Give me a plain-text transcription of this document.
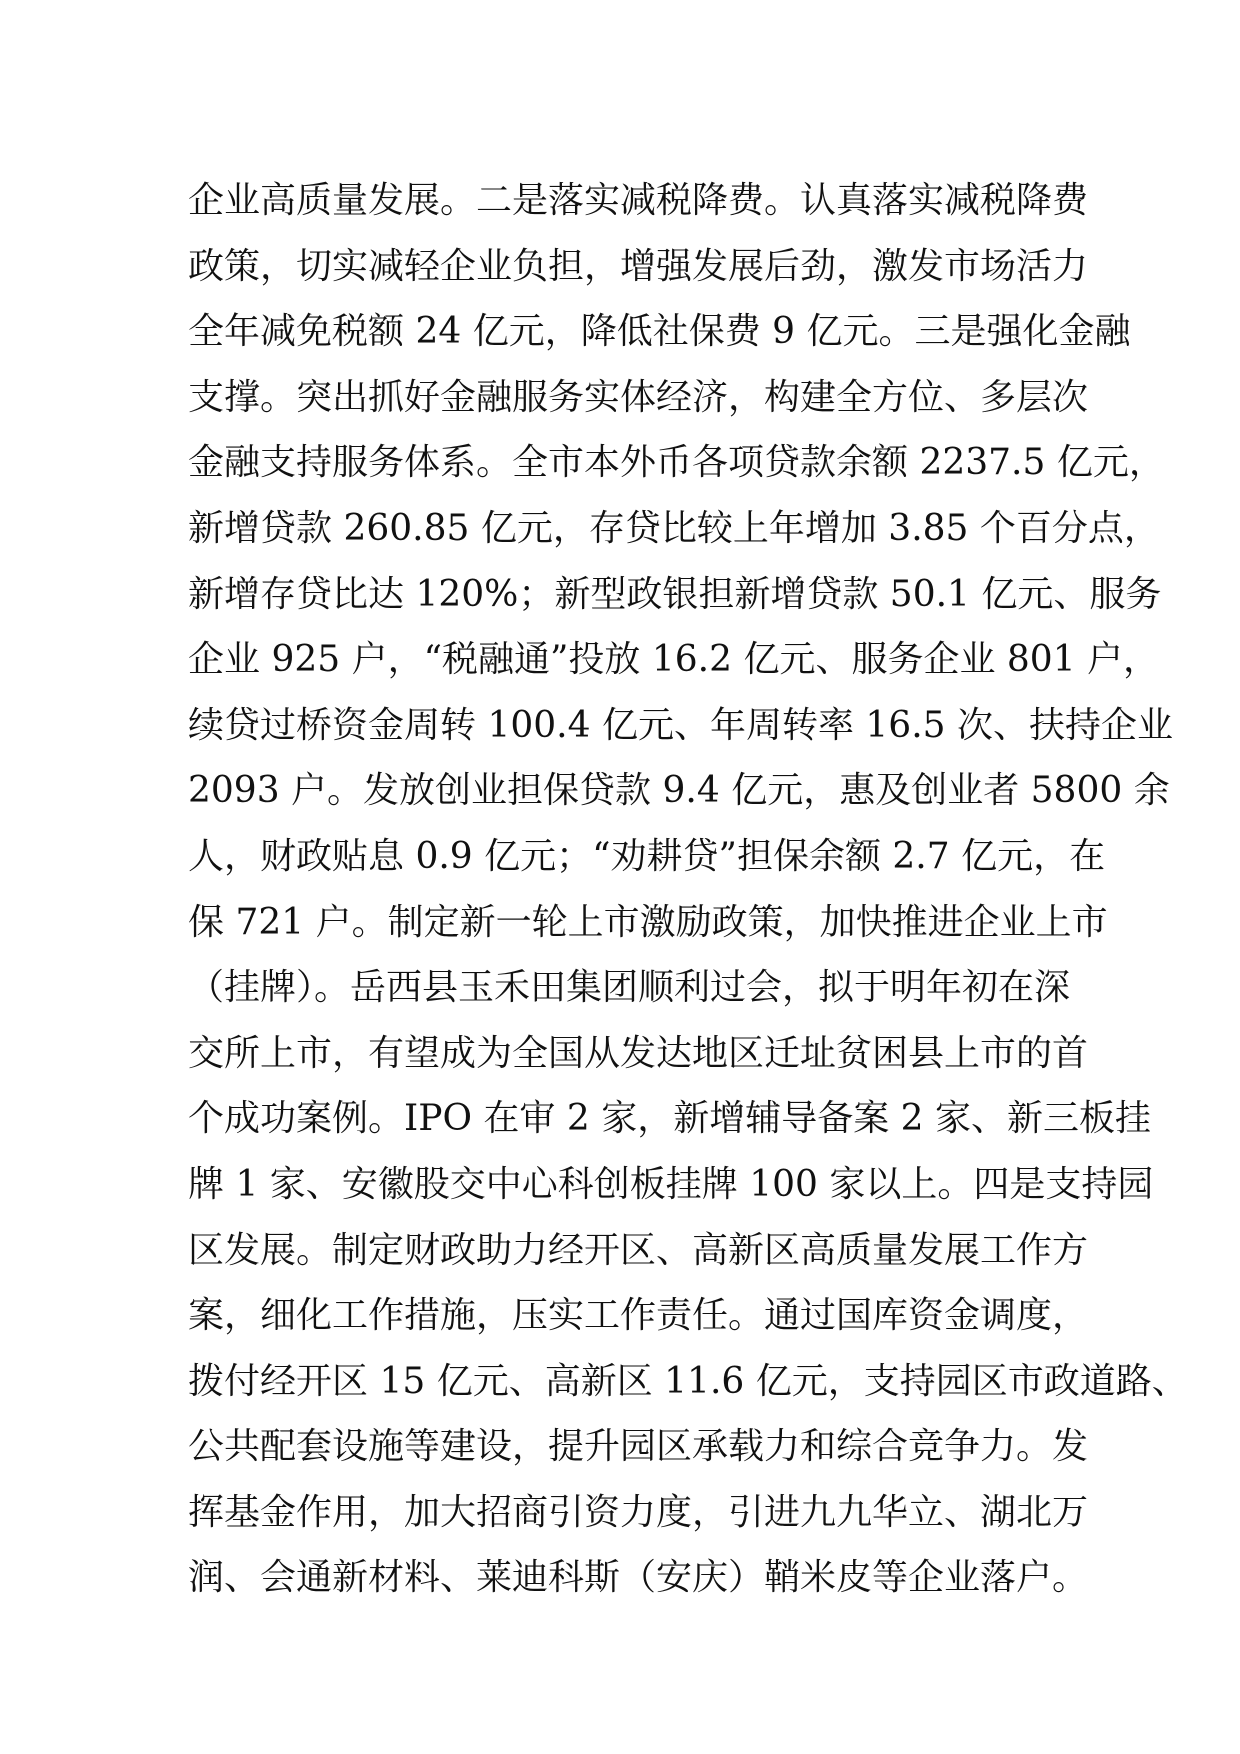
企业高质量发展。二是落实减税降费。认真落实减税降费
政策，切实减轻企业负担，增强发展后劲，激发市场活力
全年减免税额 24 亿元，降低社保费 9 亿元。三是强化金融
支撑。突出抓好金融服务实体经济，构建全方位、多层次
金融支持服务体系。全市本外币各项贷款余额 2237.5 亿元，
新增贷款 260.85 亿元，存贷比较上年增加 3.85 个百分点，
新增存贷比达 120%；新型政银担新增贷款 50.1 亿元、服务
企业 925 户，“税融通”投放 16.2 亿元、服务企业 801 户，
续贷过桥资金周转 100.4 亿元、年周转率 16.5 次、扶持企业
2093 户。发放创业担保贷款 9.4 亿元，惠及创业者 5800 余
人，财政贴息 0.9 亿元；“劝耕贷”担保余额 2.7 亿元，在
保 721 户。制定新一轮上市激励政策，加快推进企业上市
（挂牌）。岳西县玉禾田集团顺利过会，拟于明年初在深
交所上市，有望成为全国从发达地区迁址贫困县上市的首
个成功案例。IPO 在审 2 家，新增辅导备案 2 家、新三板挂
牌 1 家、安徽股交中心科创板挂牌 100 家以上。四是支持园
区发展。制定财政助力经开区、高新区高质量发展工作方
案，细化工作措施，压实工作责任。通过国库资金调度，
拨付经开区 15 亿元、高新区 11.6 亿元，支持园区市政道路、
公共配套设施等建设，提升园区承载力和综合竞争力。发
挥基金作用，加大招商引资力度，引进九九华立、湖北万
润、会通新材料、莱迪科斯（安庆）鞘米皮等企业落户。
